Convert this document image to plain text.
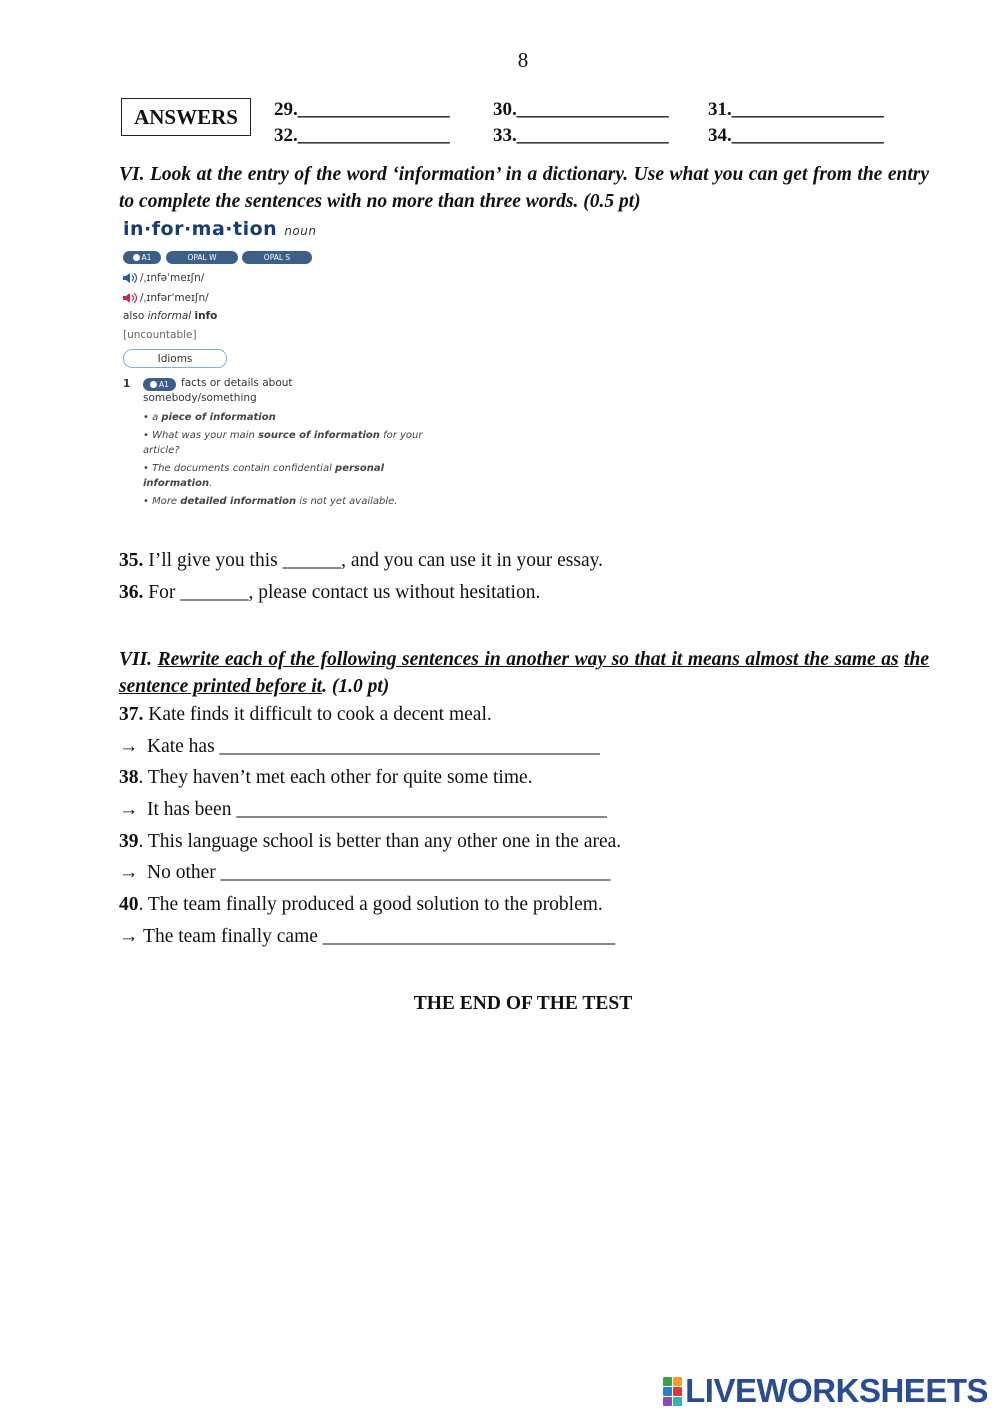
8
ANSWERS	29.________________ 30.________________ 31.________________
32.________________ 33.________________ 34.________________
VI. Look at the entry of the word ‘information’ in a dictionary. Use what you can get from the entry to complete the sentences with no more than three words. (0.5 pt)
in·for·ma·tion noun
A1	OPAL W	OPAL S
/ˌɪnfəˈmeɪʃn/
/ˌɪnfərˈmeɪʃn/
also informal info
[uncountable]
Idioms
1	A1 facts or details about
somebody/something
• a piece of information
• What was your main source of information for your article?
• The documents contain confidential personal information.
• More detailed information is not yet available.
35. I’ll give you this ______, and you can use it in your essay.
36. For _______, please contact us without hesitation.
VII. Rewrite each of the following sentences in another way so that it means almost the same as the sentence printed before it. (1.0 pt)
37. Kate finds it difficult to cook a decent meal.
→ Kate has _______________________________________
38. They haven’t met each other for quite some time.
→ It has been ______________________________________
39. This language school is better than any other one in the area.
→ No other ________________________________________
40. The team finally produced a good solution to the problem.
→ The team finally came ______________________________
THE END OF THE TEST
LIVEWORKSHEETS
